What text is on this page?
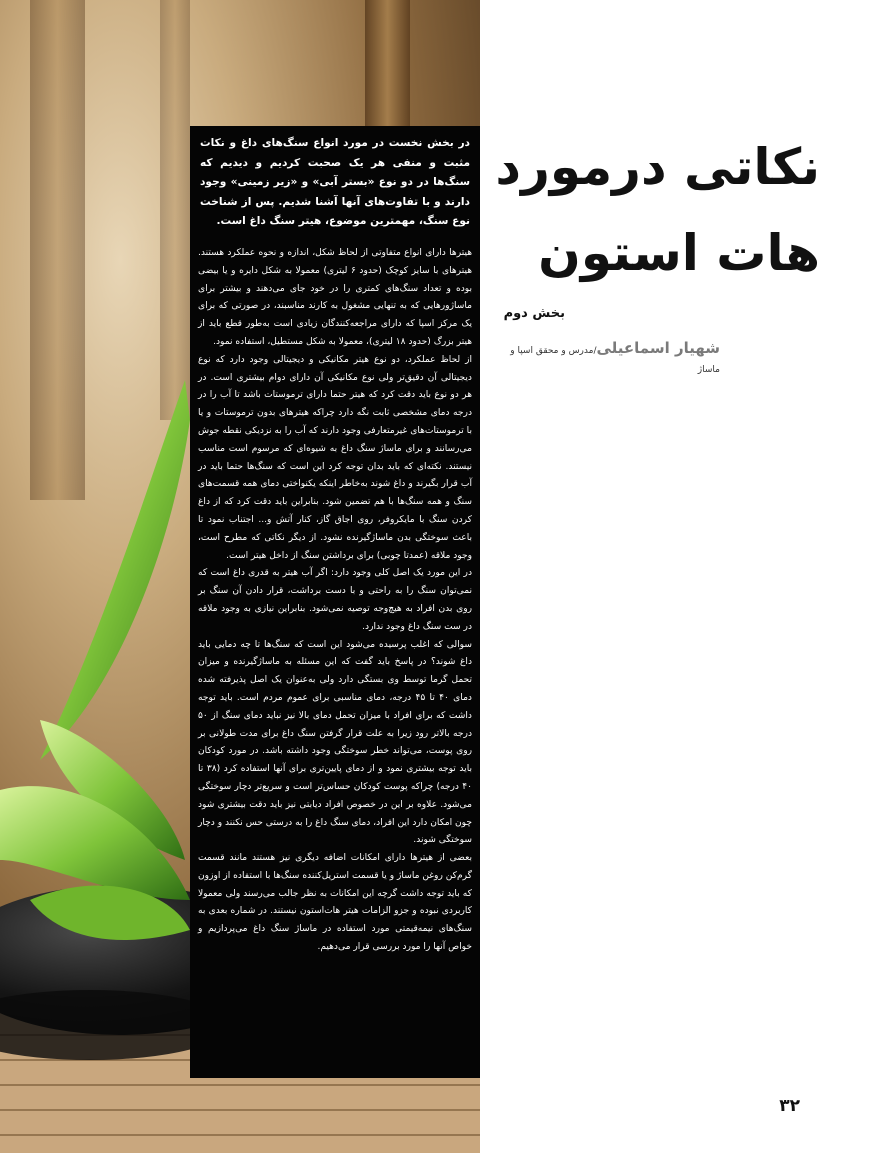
در بخش نخست در مورد انواع سنگ‌های داغ و نکات مثبت و منفی هر یک صحبت کردیم و دیدیم که سنگ‌ها در دو نوع «بستر آبی» و «زیر زمینی» وجود دارند و با تفاوت‌های آنها آشنا شدیم. پس از شناخت نوع سنگ، مهمترین موضوع، هیتر سنگ داغ است.

هیترها دارای انواع متفاوتی از لحاظ شکل، اندازه و نحوه عملکرد هستند. هیترهای با سایز کوچک (حدود ۶ لیتری) معمولا به شکل دایره و یا بیضی بوده و تعداد سنگ‌های کمتری را در خود جای می‌دهند و بیشتر برای ماساژورهایی که به تنهایی مشغول به کارند مناسبند، در صورتی که برای یک مرکز اسپا که دارای مراجعه‌کنندگان زیادی است به‌طور قطع باید از هیتر بزرگ (حدود ۱۸ لیتری)، معمولا به شکل مستطیل، استفاده نمود.

از لحاظ عملکرد، دو نوع هیتر مکانیکی و دیجیتالی وجود دارد که نوع دیجیتالی آن دقیق‌تر ولی نوع مکانیکی آن دارای دوام بیشتری است. در هر دو نوع باید دقت کرد که هیتر حتما دارای ترموستات باشد تا آب را در درجه دمای مشخصی ثابت نگه دارد چراکه هیترهای بدون ترموستات و یا با ترموستات‌های غیرمتعارفی وجود دارند که آب را به نزدیکی نقطه جوش می‌رسانند و برای ماساژ سنگ داغ به شیوه‌ای که مرسوم است مناسب نیستند. نکته‌ای که باید بدان توجه کرد این است که سنگ‌ها حتما باید در آب قرار بگیرند و داغ شوند به‌خاطر اینکه یکنواختی دمای همه قسمت‌های سنگ و همه سنگ‌ها با هم تضمین شود. بنابراین باید دقت کرد که از داغ کردن سنگ با مایکروفر، روی اجاق گاز، کنار آتش و... اجتناب نمود تا باعث سوختگی بدن ماساژگیرنده نشود. از دیگر نکاتی که مطرح است، وجود ملاقه (عمدتا چوبی) برای برداشتن سنگ از داخل هیتر است.

در این مورد یک اصل کلی وجود دارد: اگر آب هیتر به قدری داغ است که نمی‌توان سنگ را به راحتی و با دست برداشت، قرار دادن آن سنگ بر روی بدن افراد به هیچ‌وجه توصیه نمی‌شود. بنابراین نیازی به وجود ملاقه در ست سنگ داغ وجود ندارد.

سوالی که اغلب پرسیده می‌شود این است که سنگ‌ها تا چه دمایی باید داغ شوند؟ در پاسخ باید گفت که این مسئله به ماساژگیرنده و میزان تحمل گرما توسط وی بستگی دارد ولی به‌عنوان یک اصل پذیرفته شده دمای ۴۰ تا ۴۵ درجه، دمای مناسبی برای عموم مردم است. باید توجه داشت که برای افراد با میزان تحمل دمای بالا نیز نباید دمای سنگ از ۵۰ درجه بالاتر رود زیرا به علت قرار گرفتن سنگ داغ برای مدت طولانی بر روی پوست، می‌تواند خطر سوختگی وجود داشته باشد. در مورد کودکان باید توجه بیشتری نمود و از دمای پایین‌تری برای آنها استفاده کرد (۳۸ تا ۴۰ درجه) چراکه پوست کودکان حساس‌تر است و سریع‌تر دچار سوختگی می‌شود. علاوه بر این در خصوص افراد دیابتی نیز باید دقت بیشتری شود چون امکان دارد این افراد، دمای سنگ داغ را به درستی حس نکنند و دچار سوختگی شوند.

بعضی از هیترها دارای امکانات اضافه دیگری نیز هستند مانند قسمت گرم‌کن روغن ماساژ و یا قسمت استریل‌کننده سنگ‌ها با استفاده از اوزون که باید توجه داشت گرچه این امکانات به نظر جالب می‌رسند ولی معمولا کاربردی نبوده و جزو الزامات هیتر هات‌استون نیستند. در شماره بعدی به سنگ‌های نیمه‌قیمتی مورد استفاده در ماساژ سنگ داغ می‌پردازیم و خواص آنها را مورد بررسی قرار می‌دهیم.

نکاتی درمورد
هات استون

بخش دوم

شهیار اسماعیلی/مدرس و محقق اسپا و ماساژ

۳۲
